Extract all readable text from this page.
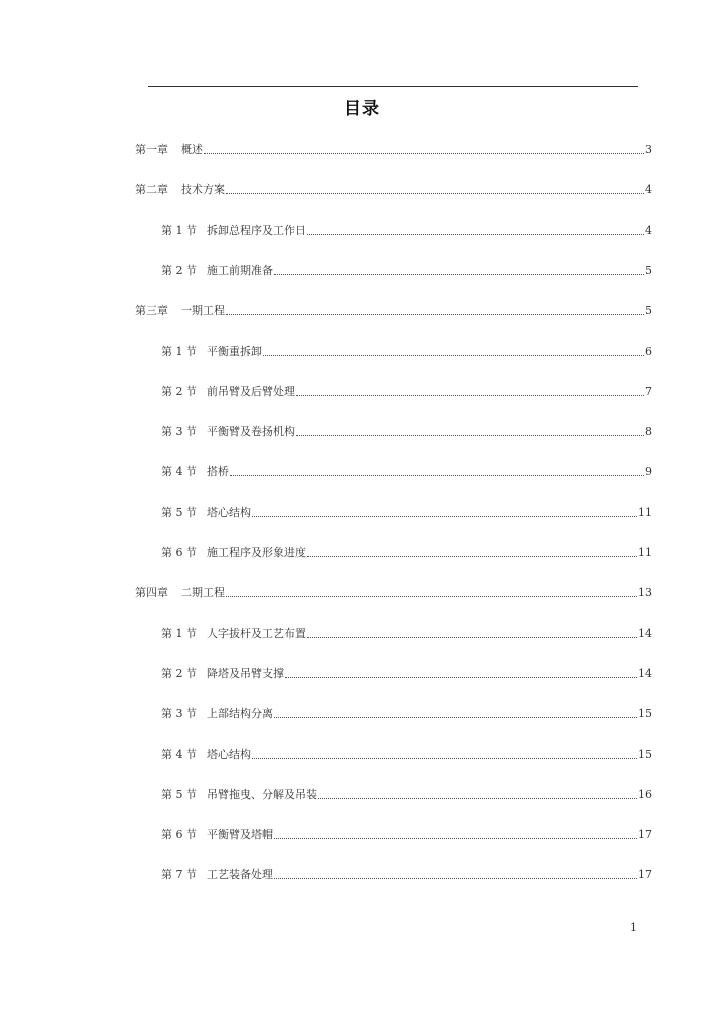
目录
第一章	概述	3
第二章	技术方案	4
第 1 节 拆卸总程序及工作日	4
第 2 节 施工前期准备	5
第三章	一期工程	5
第 1 节 平衡重拆卸	6
第 2 节 前吊臂及后臂处理	7
第 3 节 平衡臂及卷扬机构	8
第 4 节 搭桥	9
第 5 节 塔心结构	11
第 6 节 施工程序及形象进度	11
第四章	二期工程	13
第 1 节 人字拔杆及工艺布置	14
第 2 节 降塔及吊臂支撑	14
第 3 节 上部结构分离	15
第 4 节 塔心结构	15
第 5 节 吊臂拖曳、分解及吊装	16
第 6 节 平衡臂及塔帽	17
第 7 节 工艺装备处理	17
1
